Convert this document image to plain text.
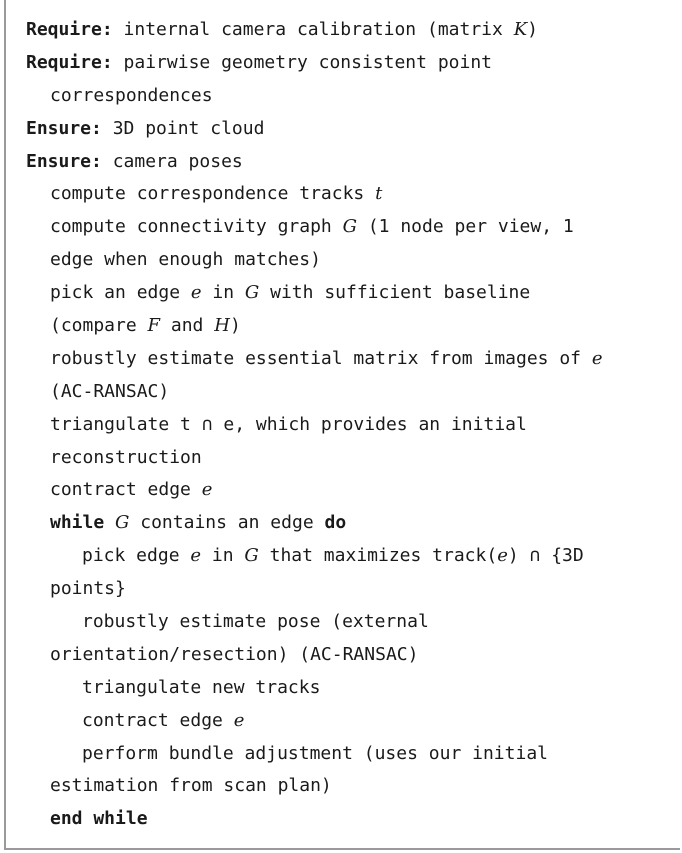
Require: internal camera calibration (matrix K)
Require: pairwise geometry consistent point
correspondences
Ensure: 3D point cloud
Ensure: camera poses
compute correspondence tracks t
compute connectivity graph G (1 node per view, 1
edge when enough matches)
pick an edge e in G with sufficient baseline
(compare F and H)
robustly estimate essential matrix from images of e
(AC-RANSAC)
triangulate t ∩ e, which provides an initial
reconstruction
contract edge e
while G contains an edge do
pick edge e in G that maximizes track(e) ∩ {3D
points}
robustly estimate pose (external
orientation/resection) (AC-RANSAC)
triangulate new tracks
contract edge e
perform bundle adjustment (uses our initial
estimation from scan plan)
end while
